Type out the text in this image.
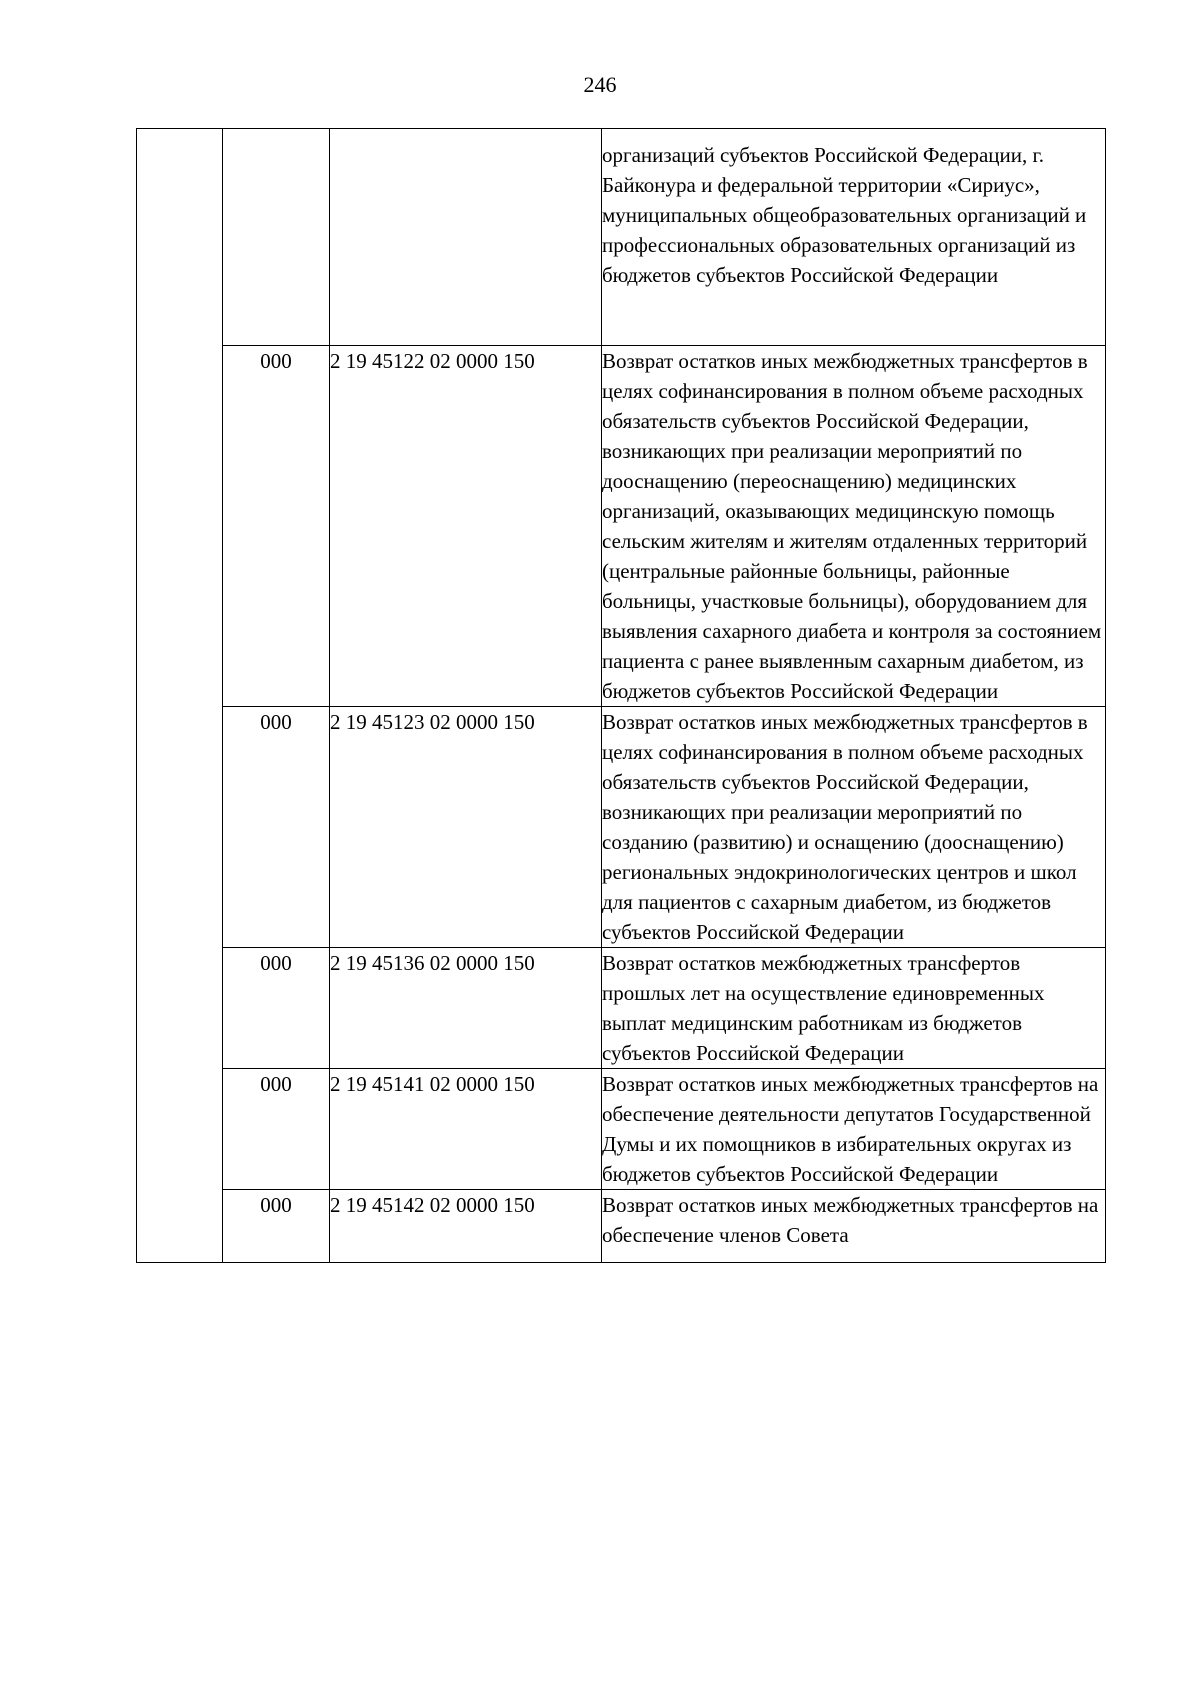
246
			организаций субъектов Российской Федерации, г. Байконура и федеральной территории «Сириус», муниципальных общеобразовательных организаций и профессиональных образовательных организаций из бюджетов субъектов Российской Федерации
	000	2 19 45122 02 0000 150	Возврат остатков иных межбюджетных трансфертов в целях софинансирования в полном объеме расходных обязательств субъектов Российской Федерации, возникающих при реализации мероприятий по дооснащению (переоснащению) медицинских организаций, оказывающих медицинскую помощь сельским жителям и жителям отдаленных территорий (центральные районные больницы, районные больницы, участковые больницы), оборудованием для выявления сахарного диабета и контроля за состоянием пациента с ранее выявленным сахарным диабетом, из бюджетов субъектов Российской Федерации
	000	2 19 45123 02 0000 150	Возврат остатков иных межбюджетных трансфертов в целях софинансирования в полном объеме расходных обязательств субъектов Российской Федерации, возникающих при реализации мероприятий по созданию (развитию) и оснащению (дооснащению) региональных эндокринологических центров и школ для пациентов с сахарным диабетом, из бюджетов субъектов Российской Федерации
	000	2 19 45136 02 0000 150	Возврат остатков межбюджетных трансфертов прошлых лет на осуществление единовременных выплат медицинским работникам из бюджетов субъектов Российской Федерации
	000	2 19 45141 02 0000 150	Возврат остатков иных межбюджетных трансфертов на обеспечение деятельности депутатов Государственной Думы и их помощников в избирательных округах из бюджетов субъектов Российской Федерации
	000	2 19 45142 02 0000 150	Возврат остатков иных межбюджетных трансфертов на обеспечение членов Совета
